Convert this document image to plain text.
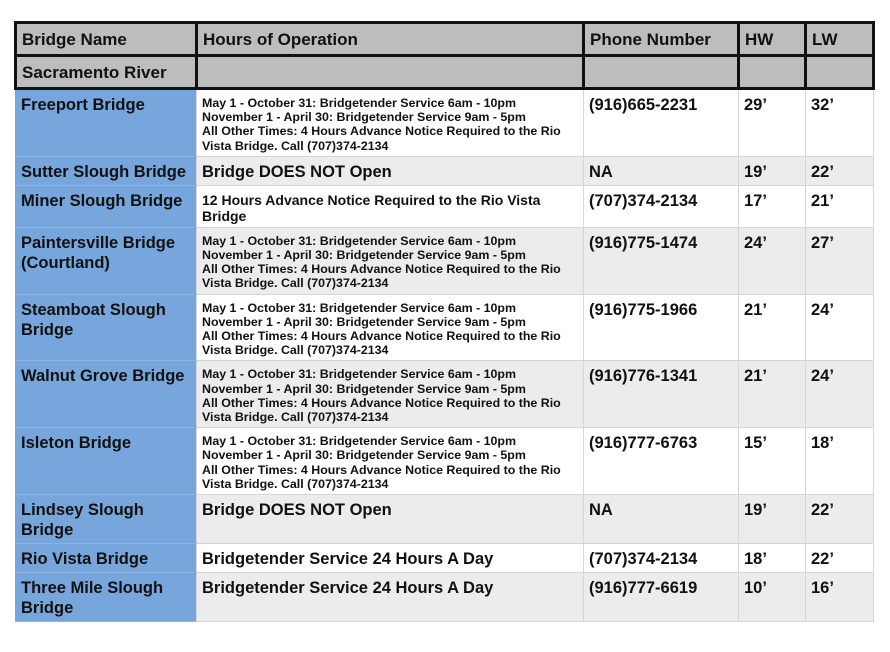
Bridge Name	Hours of Operation	Phone Number	HW	LW
Sacramento River				
Freeport Bridge	May 1 - October 31: Bridgetender Service 6am - 10pm
November 1 - April 30: Bridgetender Service 9am - 5pm
All Other Times: 4 Hours Advance Notice Required to the Rio Vista Bridge. Call (707)374-2134	(916)665-2231	29’	32’
Sutter Slough Bridge	Bridge DOES NOT Open	NA	19’	22’
Miner Slough Bridge	12 Hours Advance Notice Required to the Rio Vista Bridge	(707)374-2134	17’	21’
Paintersville Bridge (Courtland)	May 1 - October 31: Bridgetender Service 6am - 10pm
November 1 - April 30: Bridgetender Service 9am - 5pm
All Other Times: 4 Hours Advance Notice Required to the Rio Vista Bridge. Call (707)374-2134	(916)775-1474	24’	27’
Steamboat Slough Bridge	May 1 - October 31: Bridgetender Service 6am - 10pm
November 1 - April 30: Bridgetender Service 9am - 5pm
All Other Times: 4 Hours Advance Notice Required to the Rio Vista Bridge. Call (707)374-2134	(916)775-1966	21’	24’
Walnut Grove Bridge	May 1 - October 31: Bridgetender Service 6am - 10pm
November 1 - April 30: Bridgetender Service 9am - 5pm
All Other Times: 4 Hours Advance Notice Required to the Rio Vista Bridge. Call (707)374-2134	(916)776-1341	21’	24’
Isleton Bridge	May 1 - October 31: Bridgetender Service 6am - 10pm
November 1 - April 30: Bridgetender Service 9am - 5pm
All Other Times: 4 Hours Advance Notice Required to the Rio Vista Bridge. Call (707)374-2134	(916)777-6763	15’	18’
Lindsey Slough Bridge	Bridge DOES NOT Open	NA	19’	22’
Rio Vista Bridge	Bridgetender Service 24 Hours A Day	(707)374-2134	18’	22’
Three Mile Slough Bridge	Bridgetender Service 24 Hours A Day	(916)777-6619	10’	16’
